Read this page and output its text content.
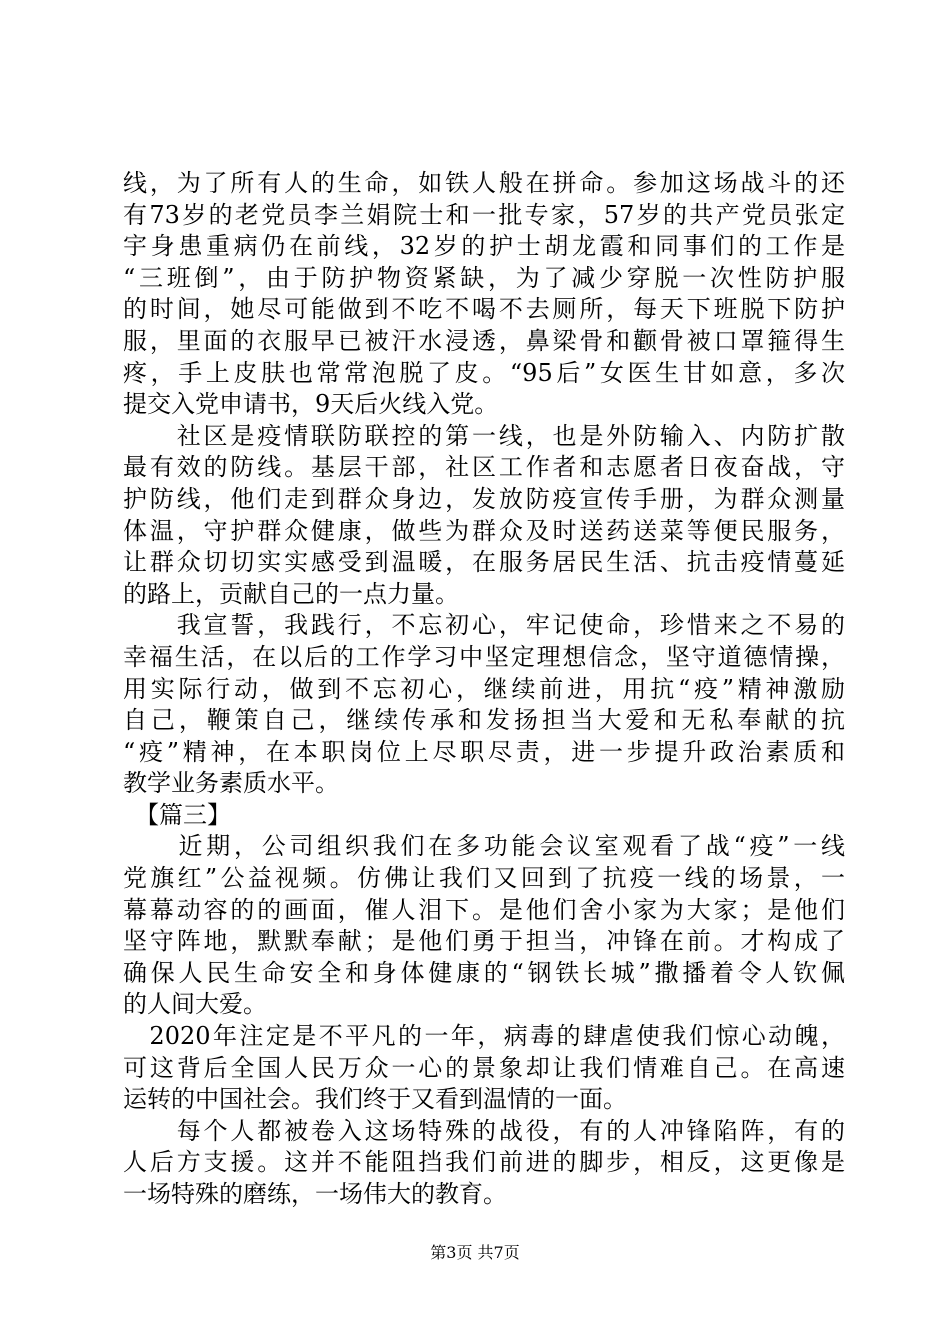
线，为了所有人的生命，如铁人般在拼命。参加这场战斗的还
有73岁的老党员李兰娟院士和一批专家，57岁的共产党员张定
宇身患重病仍在前线，32岁的护士胡龙霞和同事们的工作是
“三班倒”，由于防护物资紧缺，为了减少穿脱一次性防护服
的时间，她尽可能做到不吃不喝不去厕所，每天下班脱下防护
服，里面的衣服早已被汗水浸透，鼻梁骨和颧骨被口罩箍得生
疼，手上皮肤也常常泡脱了皮。“95后”女医生甘如意，多次
提交入党申请书，9天后火线入党。
　　社区是疫情联防联控的第一线，也是外防输入、内防扩散
最有效的防线。基层干部，社区工作者和志愿者日夜奋战，守
护防线，他们走到群众身边，发放防疫宣传手册，为群众测量
体温，守护群众健康，做些为群众及时送药送菜等便民服务，
让群众切切实实感受到温暖，在服务居民生活、抗击疫情蔓延
的路上，贡献自己的一点力量。
　　我宣誓，我践行，不忘初心，牢记使命，珍惜来之不易的
幸福生活，在以后的工作学习中坚定理想信念，坚守道德情操，
用实际行动，做到不忘初心，继续前进，用抗“疫”精神激励
自己，鞭策自己，继续传承和发扬担当大爱和无私奉献的抗
“疫”精神，在本职岗位上尽职尽责，进一步提升政治素质和
教学业务素质水平。
　【篇三】
　　近期，公司组织我们在多功能会议室观看了战“疫”一线
党旗红”公益视频。仿佛让我们又回到了抗疫一线的场景，一
幕幕动容的的画面，催人泪下。是他们舍小家为大家；是他们
坚守阵地，默默奉献；是他们勇于担当，冲锋在前。才构成了
确保人民生命安全和身体健康的“钢铁长城”撒播着令人钦佩
的人间大爱。
　2020年注定是不平凡的一年，病毒的肆虐使我们惊心动魄，
可这背后全国人民万众一心的景象却让我们情难自己。在高速
运转的中国社会。我们终于又看到温情的一面。
　　每个人都被卷入这场特殊的战役，有的人冲锋陷阵，有的
人后方支援。这并不能阻挡我们前进的脚步，相反，这更像是
一场特殊的磨练，一场伟大的教育。
第3页 共7页
